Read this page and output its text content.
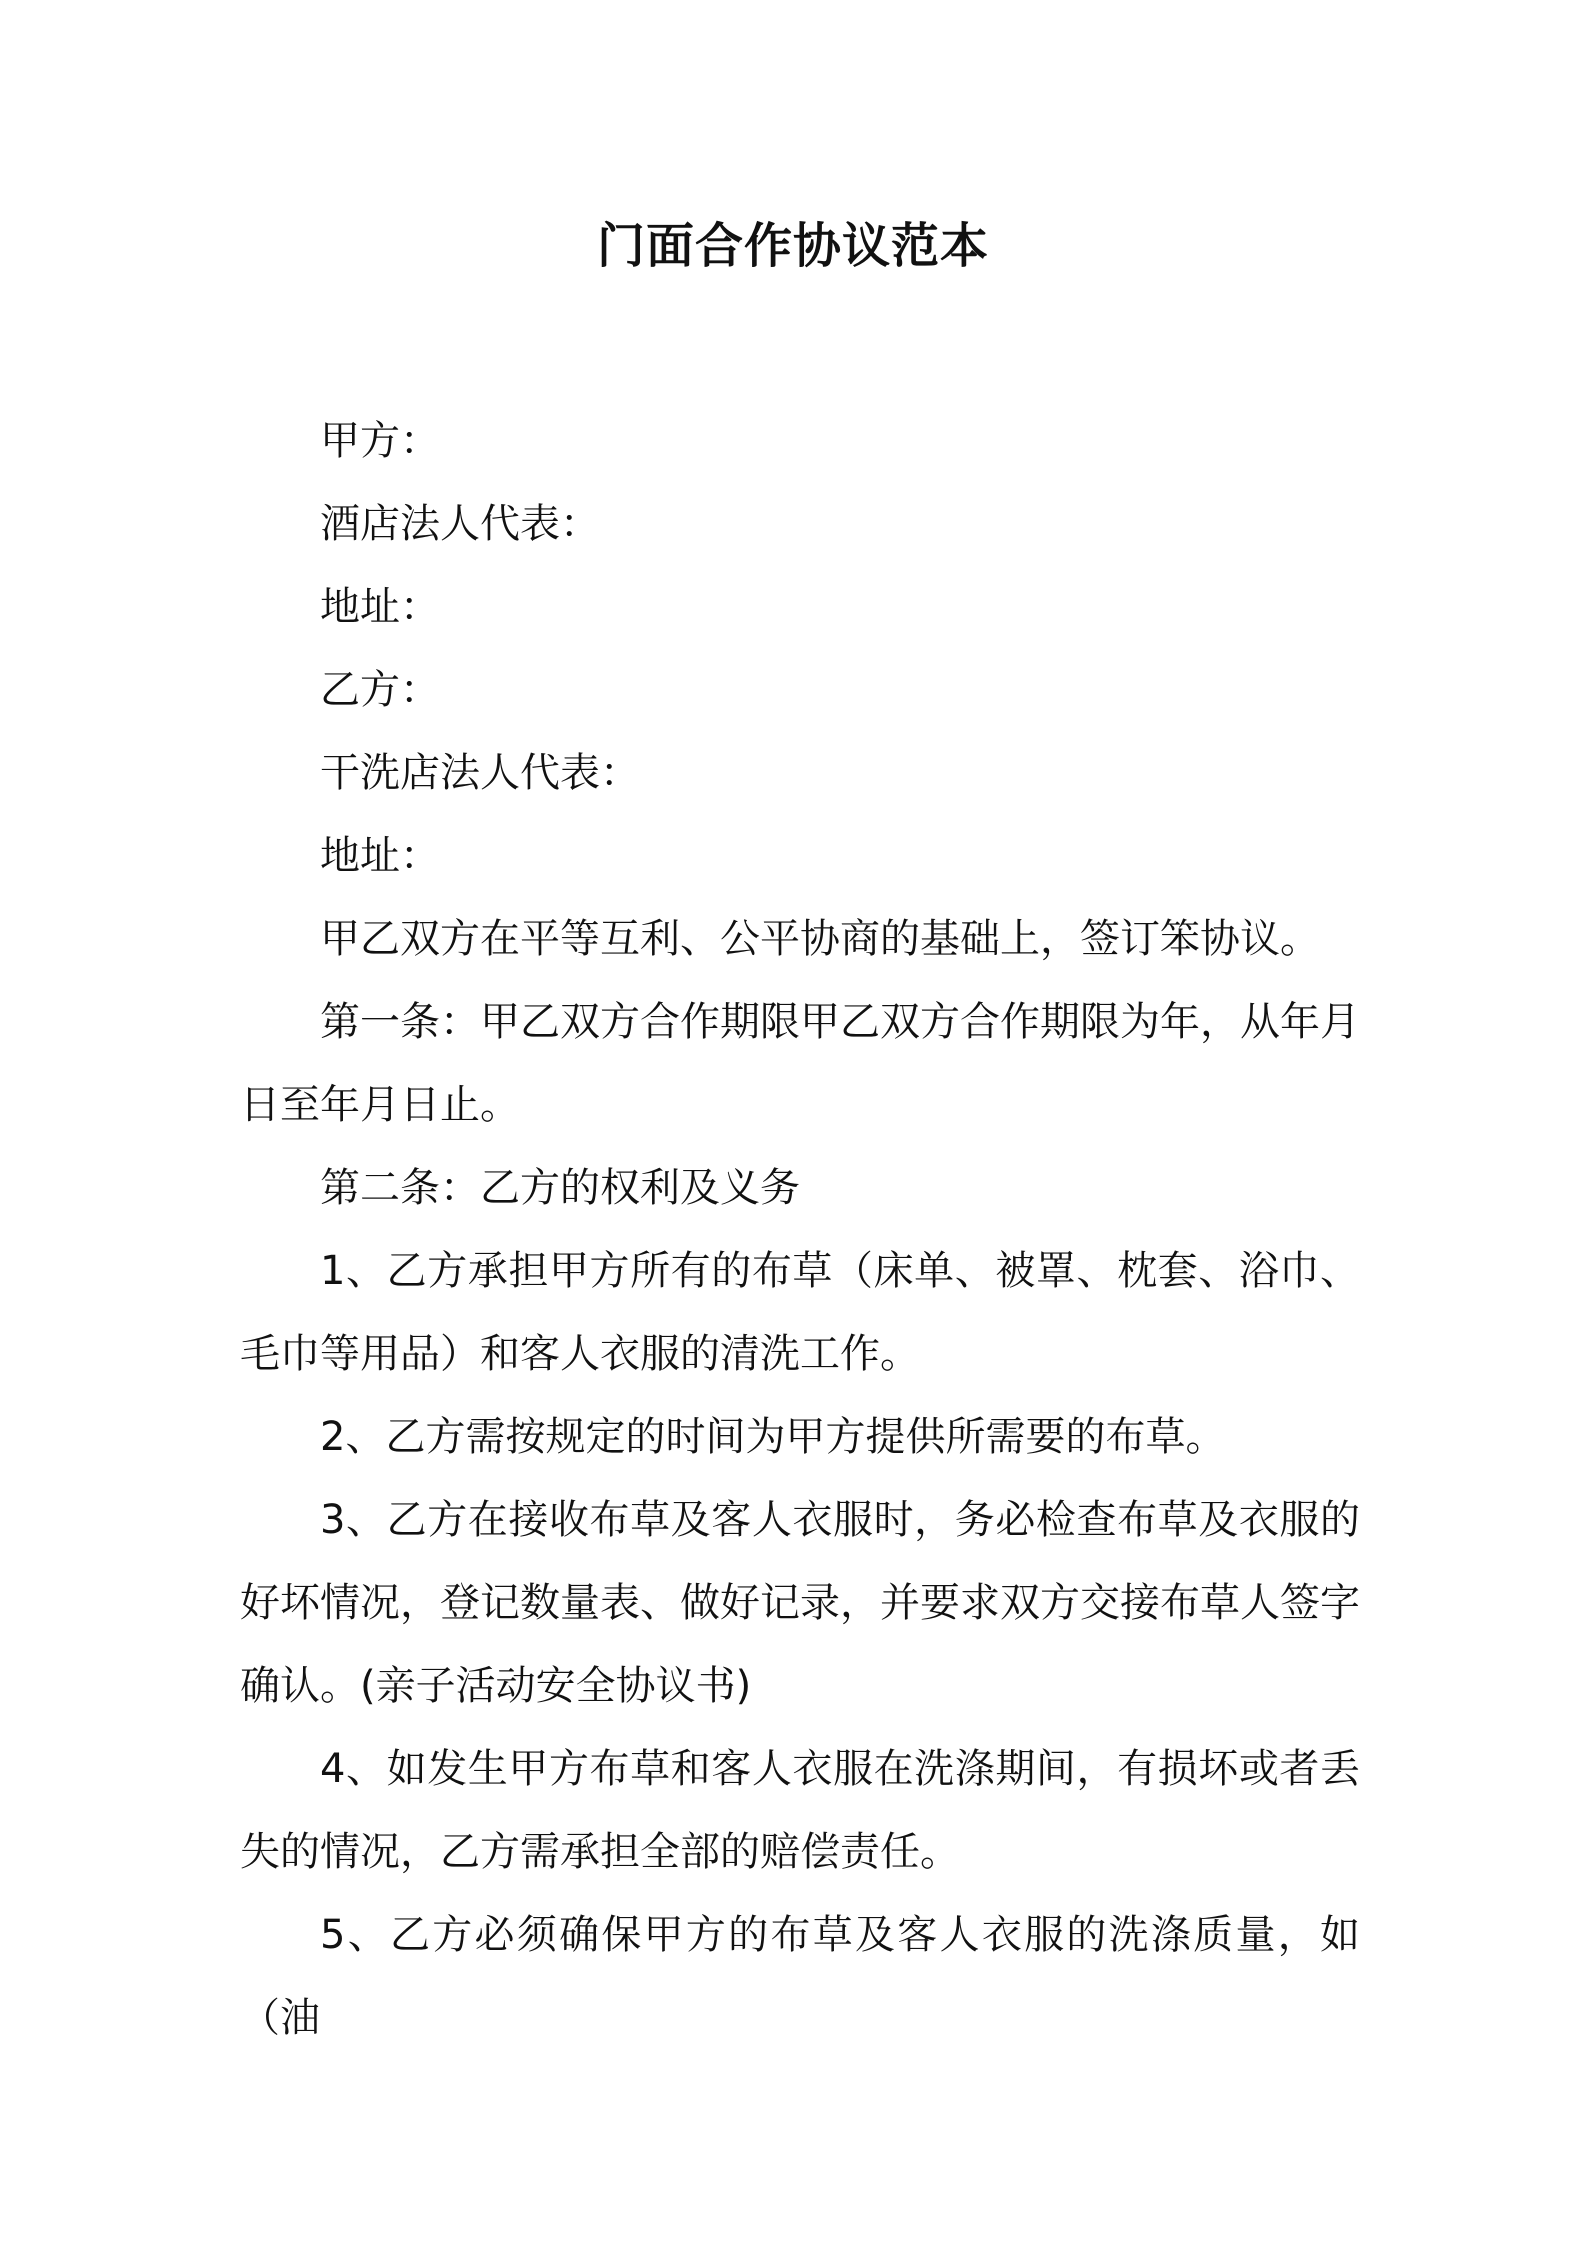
门面合作协议范本

甲方：

酒店法人代表：

地址：

乙方：

干洗店法人代表：

地址：

甲乙双方在平等互利、公平协商的基础上，签订笨协议。

第一条：甲乙双方合作期限甲乙双方合作期限为年，从年月日至年月日止。

第二条：乙方的权利及义务

1、乙方承担甲方所有的布草（床单、被罩、枕套、浴巾、毛巾等用品）和客人衣服的清洗工作。

2、乙方需按规定的时间为甲方提供所需要的布草。

3、乙方在接收布草及客人衣服时，务必检查布草及衣服的好坏情况，登记数量表、做好记录，并要求双方交接布草人签字确认。(亲子活动安全协议书)

4、如发生甲方布草和客人衣服在洗涤期间，有损坏或者丢失的情况，乙方需承担全部的赔偿责任。

5、乙方必须确保甲方的布草及客人衣服的洗涤质量，如（油
